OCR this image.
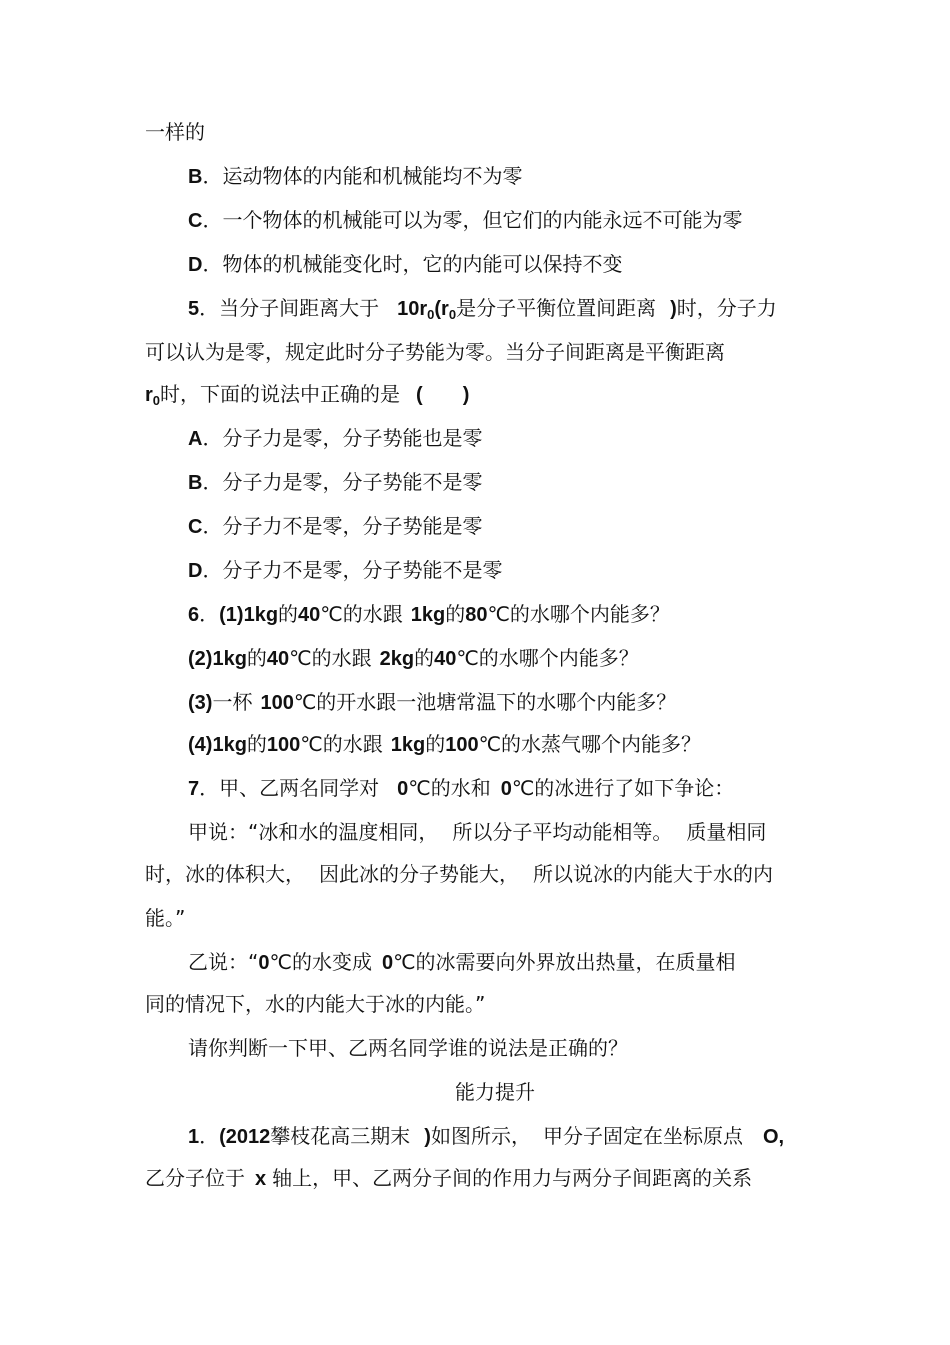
一样的
B．运动物体的内能和机械能均不为零
C．一个物体的机械能可以为零，但它们的内能永远不可能为零
D．物体的机械能变化时，它的内能可以保持不变
5．当分子间距离大于 $10r_0(r_0$是分子平衡位置间距离 )时，分子力
可以认为是零，规定此时分子势能为零。当分子间距离是平衡距离
$r_0$时，下面的说法中正确的是 ( )
A．分子力是零，分子势能也是零
B．分子力是零，分子势能不是零
C．分子力不是零，分子势能是零
D．分子力不是零，分子势能不是零
6．(1)1kg的40℃的水跟 1kg的80℃的水哪个内能多？
(2)1kg的40℃的水跟 2kg的40℃的水哪个内能多？
(3)一杯 100℃的开水跟一池塘常温下的水哪个内能多？
(4)1kg的100℃的水跟 1kg的100℃的水蒸气哪个内能多？
7．甲、乙两名同学对 0℃的水和 0℃的冰进行了如下争论：
甲说：“冰和水的温度相同， 所以分子平均动能相等。 质量相同
时，冰的体积大， 因此冰的分子势能大， 所以说冰的内能大于水的内
能。”
乙说：“0℃的水变成 0℃的冰需要向外界放出热量，在质量相
同的情况下，水的内能大于冰的内能。”
请你判断一下甲、乙两名同学谁的说法是正确的？
能力提升
1．(2012攀枝花高三期末 )如图所示， 甲分子固定在坐标原点 O,
乙分子位于 x 轴上，甲、乙两分子间的作用力与两分子间距离的关系
